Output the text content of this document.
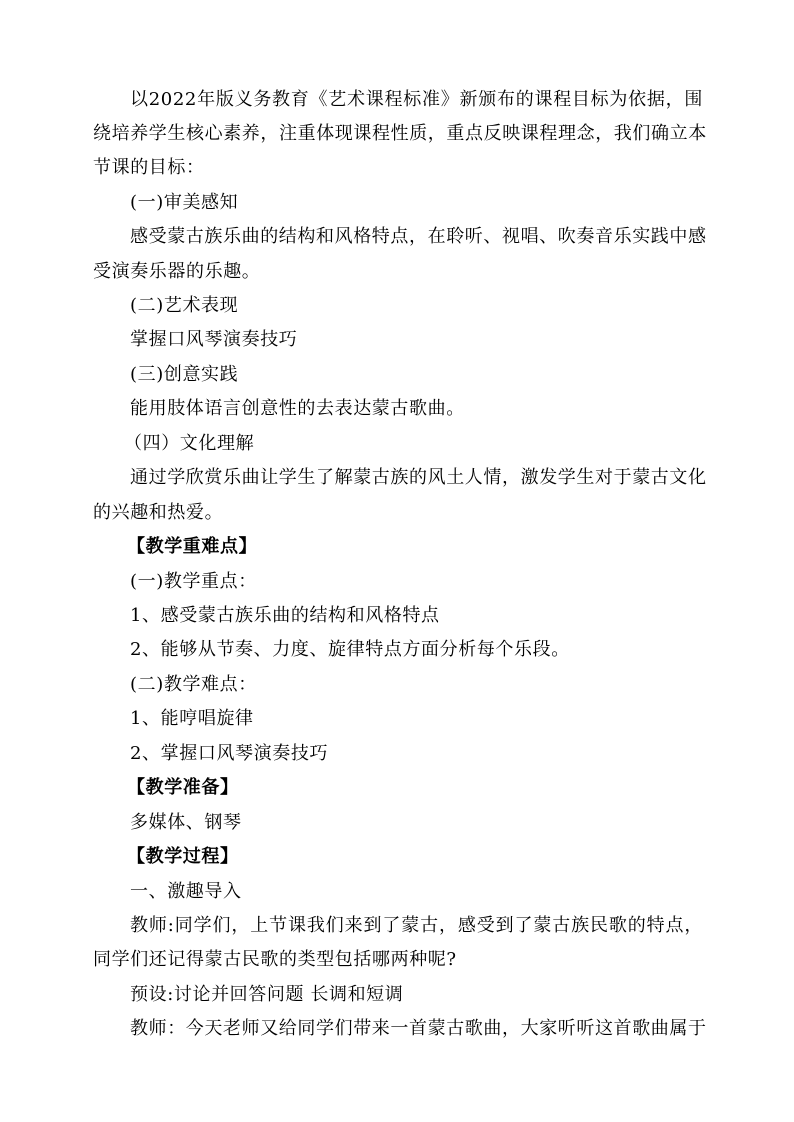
以2022年版义务教育《艺术课程标准》新颁布的课程目标为依据，围
绕培养学生核心素养，注重体现课程性质，重点反映课程理念，我们确立本
节课的目标：
(一)审美感知
感受蒙古族乐曲的结构和风格特点，在聆听、视唱、吹奏音乐实践中感
受演奏乐器的乐趣。
(二)艺术表现
掌握口风琴演奏技巧
(三)创意实践
能用肢体语言创意性的去表达蒙古歌曲。
（四）文化理解
通过学欣赏乐曲让学生了解蒙古族的风土人情，激发学生对于蒙古文化
的兴趣和热爱。
【教学重难点】
(一)教学重点：
1、感受蒙古族乐曲的结构和风格特点
2、能够从节奏、力度、旋律特点方面分析每个乐段。
(二)教学难点：
1、能哼唱旋律
2、掌握口风琴演奏技巧
【教学准备】
多媒体、钢琴
【教学过程】
一、激趣导入
教师:同学们，上节课我们来到了蒙古，感受到了蒙古族民歌的特点，
同学们还记得蒙古民歌的类型包括哪两种呢?
预设:讨论并回答问题 长调和短调
教师：今天老师又给同学们带来一首蒙古歌曲，大家听听这首歌曲属于
